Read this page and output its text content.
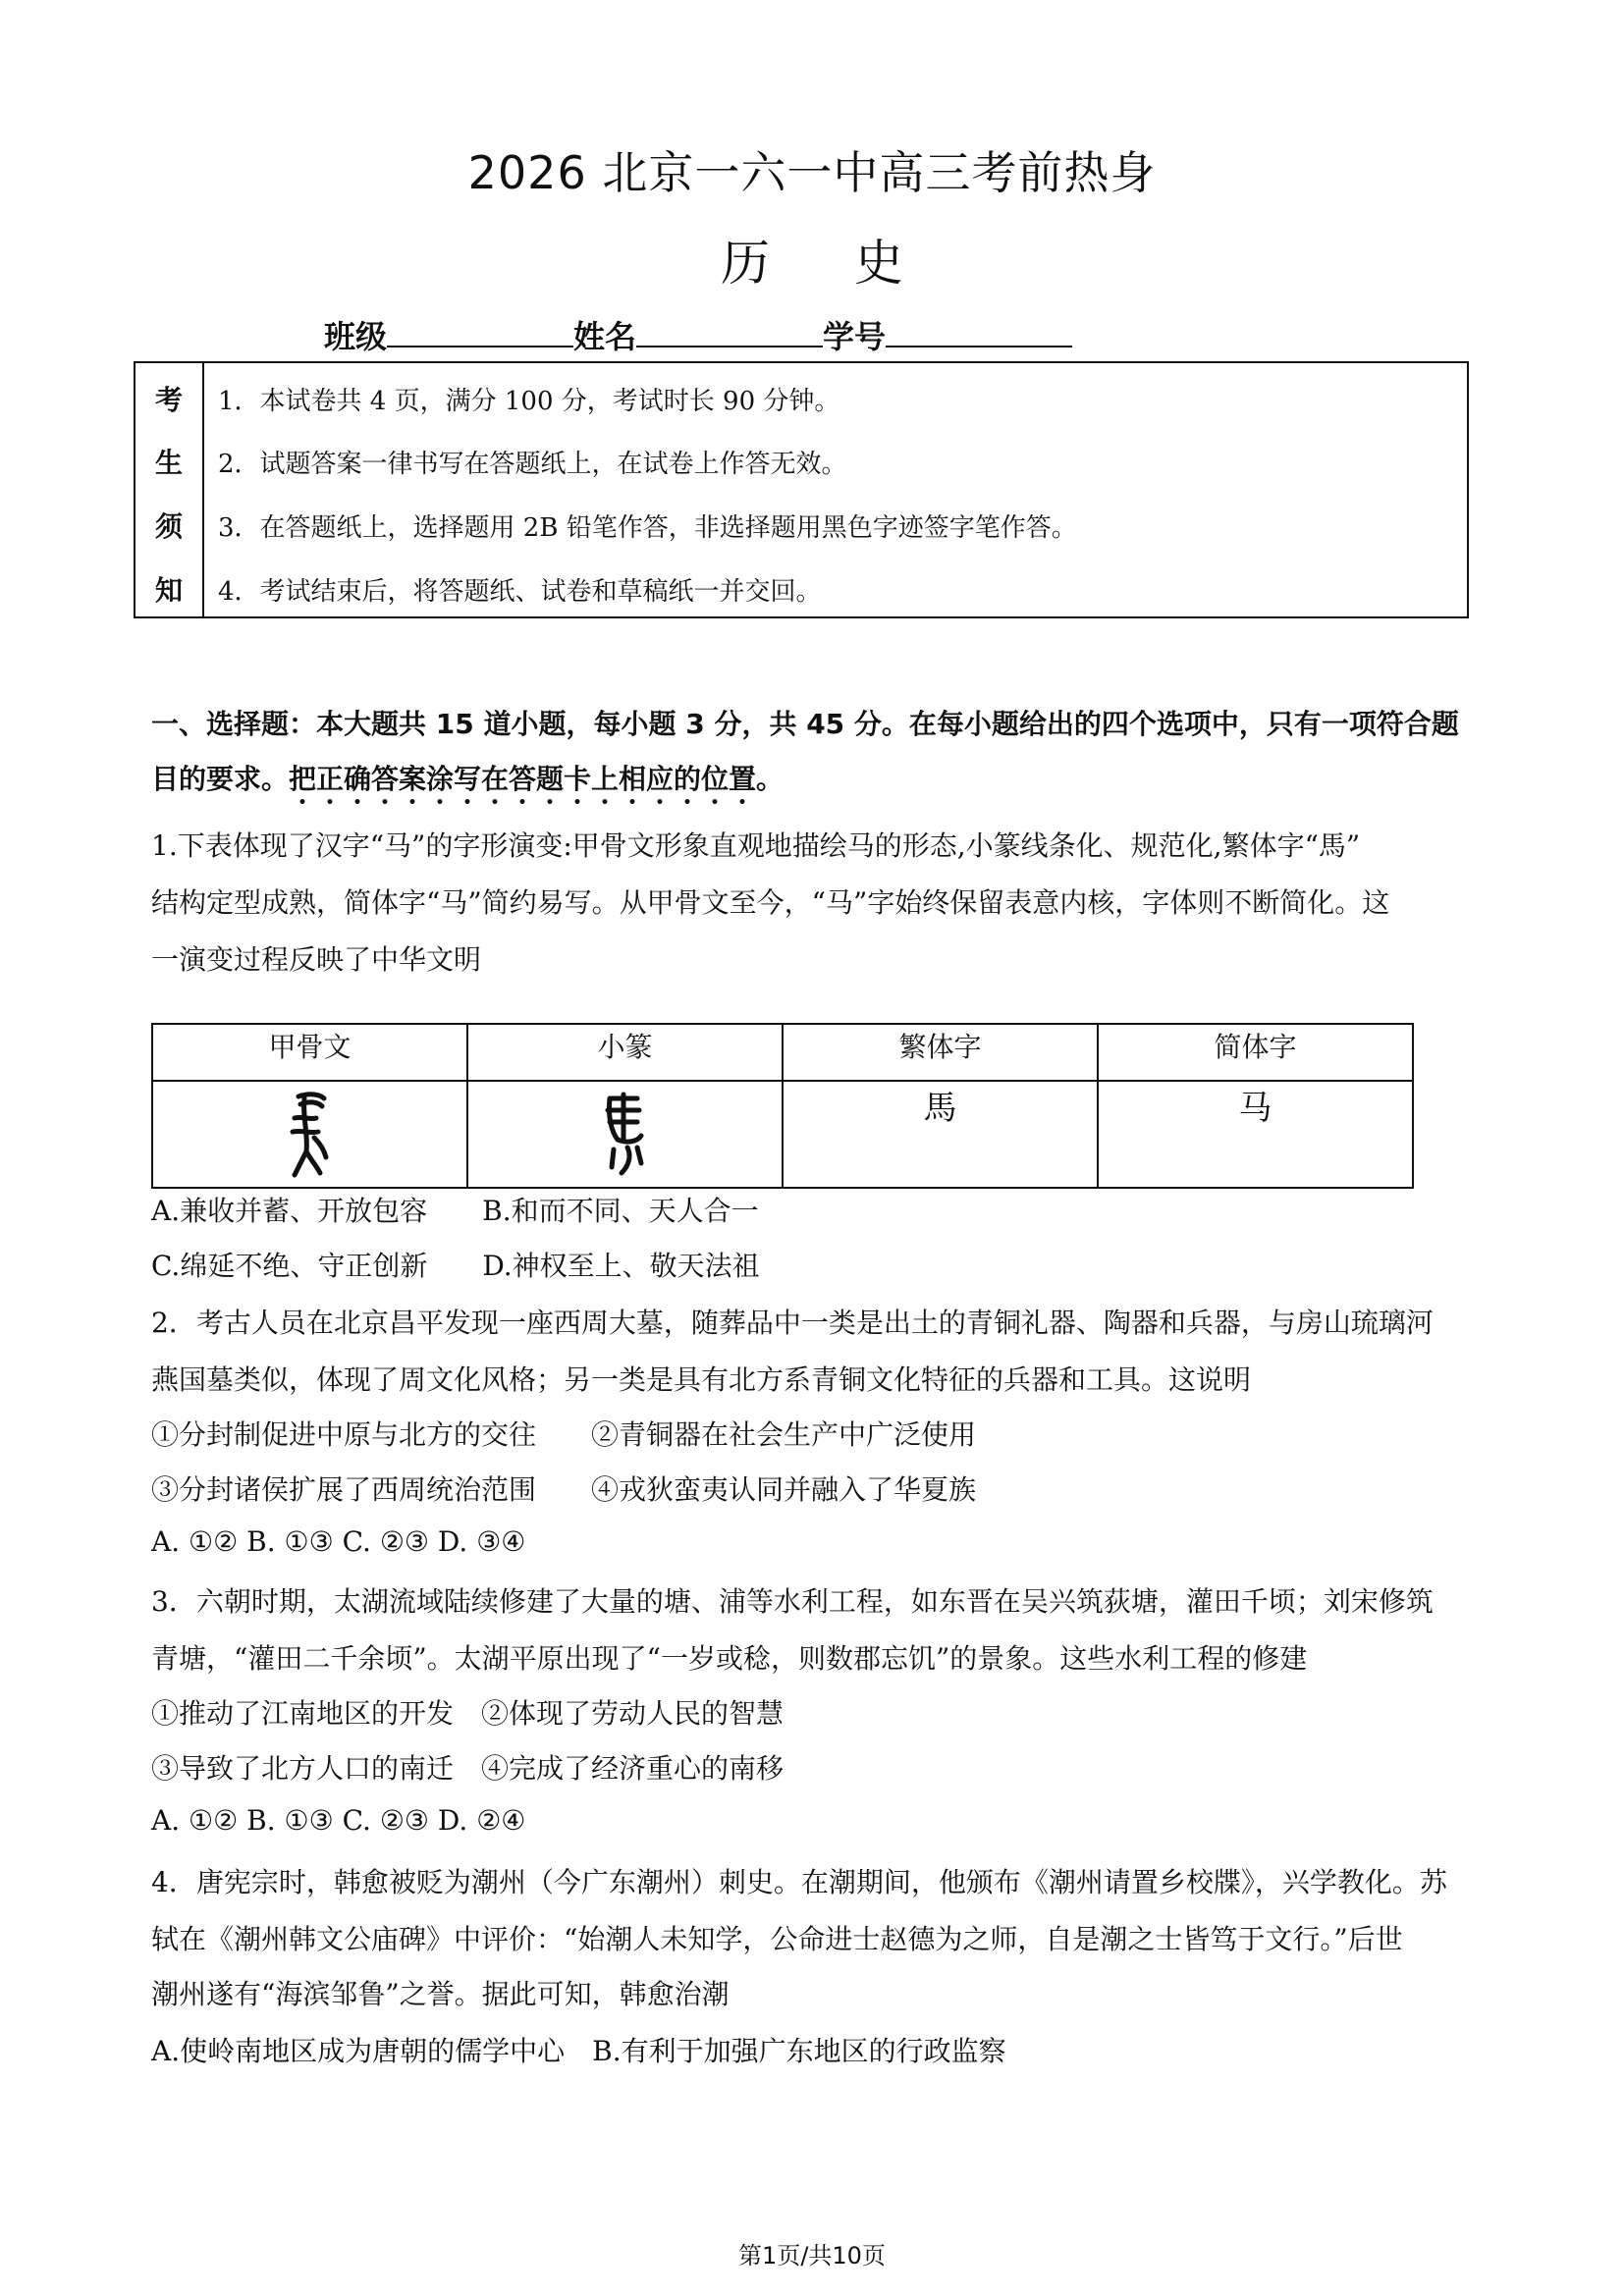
2026 北京一六一中高三考前热身
历史
班级	姓名	学号
考
生
须
知
1．本试卷共 4 页，满分 100 分，考试时长 90 分钟。
2．试题答案一律书写在答题纸上，在试卷上作答无效。
3．在答题纸上，选择题用 2B 铅笔作答，非选择题用黑色字迹签字笔作答。
4．考试结束后，将答题纸、试卷和草稿纸一并交回。
一、选择题：本大题共 15 道小题，每小题 3 分，共 45 分。在每小题给出的四个选项中，只有一项符合题
目的要求。把正确答案涂写在答题卡上相应的位置。
1.下表体现了汉字“马”的字形演变:甲骨文形象直观地描绘马的形态,小篆线条化、规范化,繁体字“馬”
结构定型成熟，简体字“马”简约易写。从甲骨文至今，“马”字始终保留表意内核，字体则不断简化。这
一演变过程反映了中华文明
甲骨文	小篆	繁体字	简体字
		馬	马
A.兼收并蓄、开放包容　　B.和而不同、天人合一
C.绵延不绝、守正创新　　D.神权至上、敬天法祖
2．考古人员在北京昌平发现一座西周大墓，随葬品中一类是出土的青铜礼器、陶器和兵器，与房山琉璃河
燕国墓类似，体现了周文化风格；另一类是具有北方系青铜文化特征的兵器和工具。这说明
①分封制促进中原与北方的交往　　②青铜器在社会生产中广泛使用
③分封诸侯扩展了西周统治范围　　④戎狄蛮夷认同并融入了华夏族
A. ①② B. ①③ C. ②③ D. ③④
3．六朝时期，太湖流域陆续修建了大量的塘、浦等水利工程，如东晋在吴兴筑荻塘，灌田千顷；刘宋修筑
青塘，“灌田二千余顷”。太湖平原出现了“一岁或稔，则数郡忘饥”的景象。这些水利工程的修建
①推动了江南地区的开发　②体现了劳动人民的智慧
③导致了北方人口的南迁　④完成了经济重心的南移
A. ①② B. ①③ C. ②③ D. ②④
4．唐宪宗时，韩愈被贬为潮州（今广东潮州）刺史。在潮期间，他颁布《潮州请置乡校牒》，兴学教化。苏
轼在《潮州韩文公庙碑》中评价：“始潮人未知学，公命进士赵德为之师，自是潮之士皆笃于文行。”后世
潮州遂有“海滨邹鲁”之誉。据此可知，韩愈治潮
A.使岭南地区成为唐朝的儒学中心　B.有利于加强广东地区的行政监察
第1页/共10页
